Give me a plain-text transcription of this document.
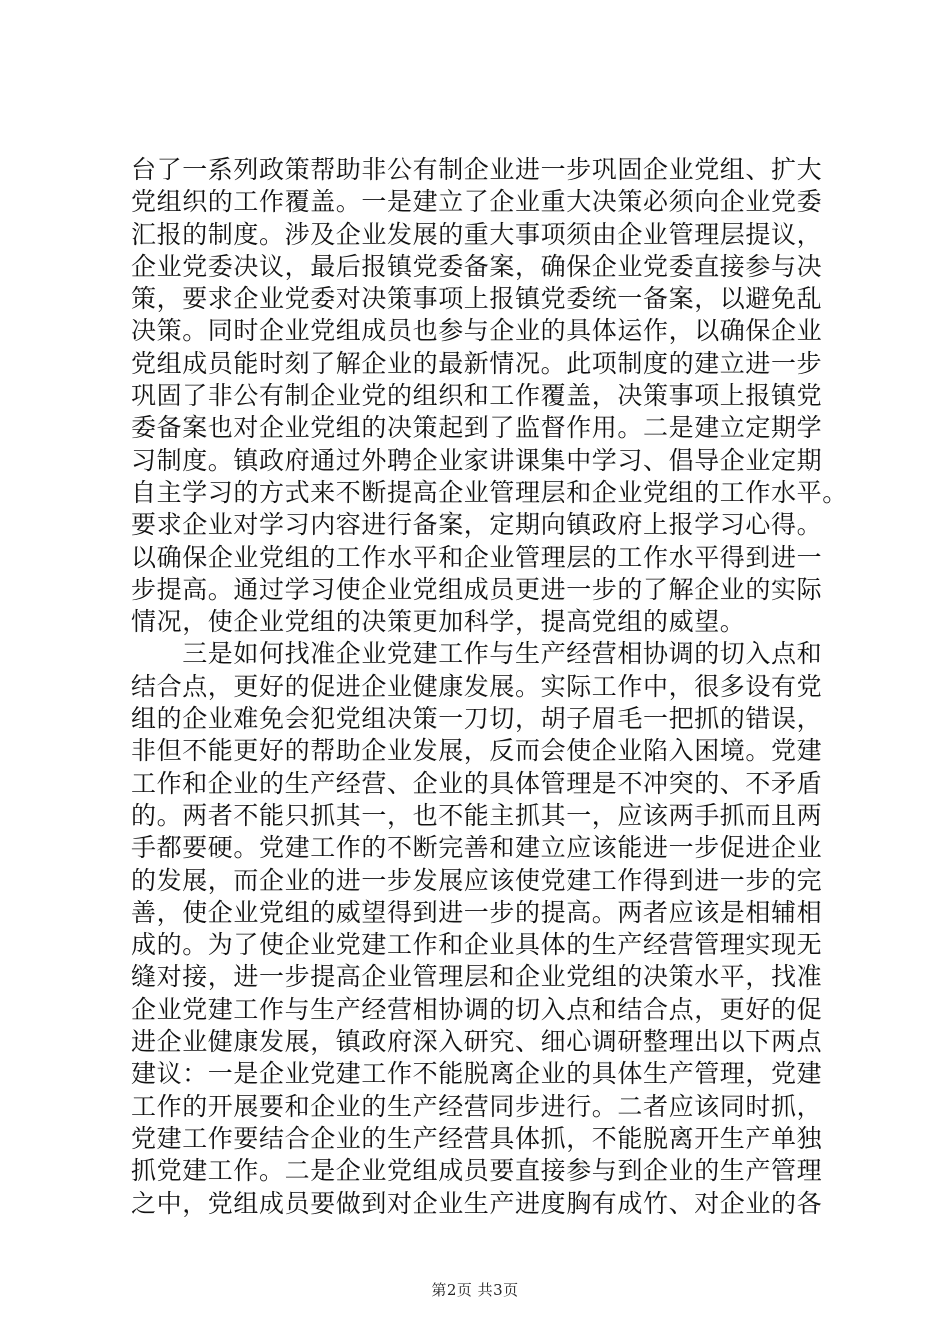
台了一系列政策帮助非公有制企业进一步巩固企业党组、扩大
党组织的工作覆盖。一是建立了企业重大决策必须向企业党委
汇报的制度。涉及企业发展的重大事项须由企业管理层提议，
企业党委决议，最后报镇党委备案，确保企业党委直接参与决
策，要求企业党委对决策事项上报镇党委统一备案，以避免乱
决策。同时企业党组成员也参与企业的具体运作，以确保企业
党组成员能时刻了解企业的最新情况。此项制度的建立进一步
巩固了非公有制企业党的组织和工作覆盖，决策事项上报镇党
委备案也对企业党组的决策起到了监督作用。二是建立定期学
习制度。镇政府通过外聘企业家讲课集中学习、倡导企业定期
自主学习的方式来不断提高企业管理层和企业党组的工作水平。
要求企业对学习内容进行备案，定期向镇政府上报学习心得。
以确保企业党组的工作水平和企业管理层的工作水平得到进一
步提高。通过学习使企业党组成员更进一步的了解企业的实际
情况，使企业党组的决策更加科学，提高党组的威望。
　　三是如何找准企业党建工作与生产经营相协调的切入点和
结合点，更好的促进企业健康发展。实际工作中，很多设有党
组的企业难免会犯党组决策一刀切，胡子眉毛一把抓的错误，
非但不能更好的帮助企业发展，反而会使企业陷入困境。党建
工作和企业的生产经营、企业的具体管理是不冲突的、不矛盾
的。两者不能只抓其一，也不能主抓其一，应该两手抓而且两
手都要硬。党建工作的不断完善和建立应该能进一步促进企业
的发展，而企业的进一步发展应该使党建工作得到进一步的完
善，使企业党组的威望得到进一步的提高。两者应该是相辅相
成的。为了使企业党建工作和企业具体的生产经营管理实现无
缝对接，进一步提高企业管理层和企业党组的决策水平，找准
企业党建工作与生产经营相协调的切入点和结合点，更好的促
进企业健康发展，镇政府深入研究、细心调研整理出以下两点
建议：一是企业党建工作不能脱离企业的具体生产管理，党建
工作的开展要和企业的生产经营同步进行。二者应该同时抓，
党建工作要结合企业的生产经营具体抓，不能脱离开生产单独
抓党建工作。二是企业党组成员要直接参与到企业的生产管理
之中，党组成员要做到对企业生产进度胸有成竹、对企业的各
第2页 共3页
